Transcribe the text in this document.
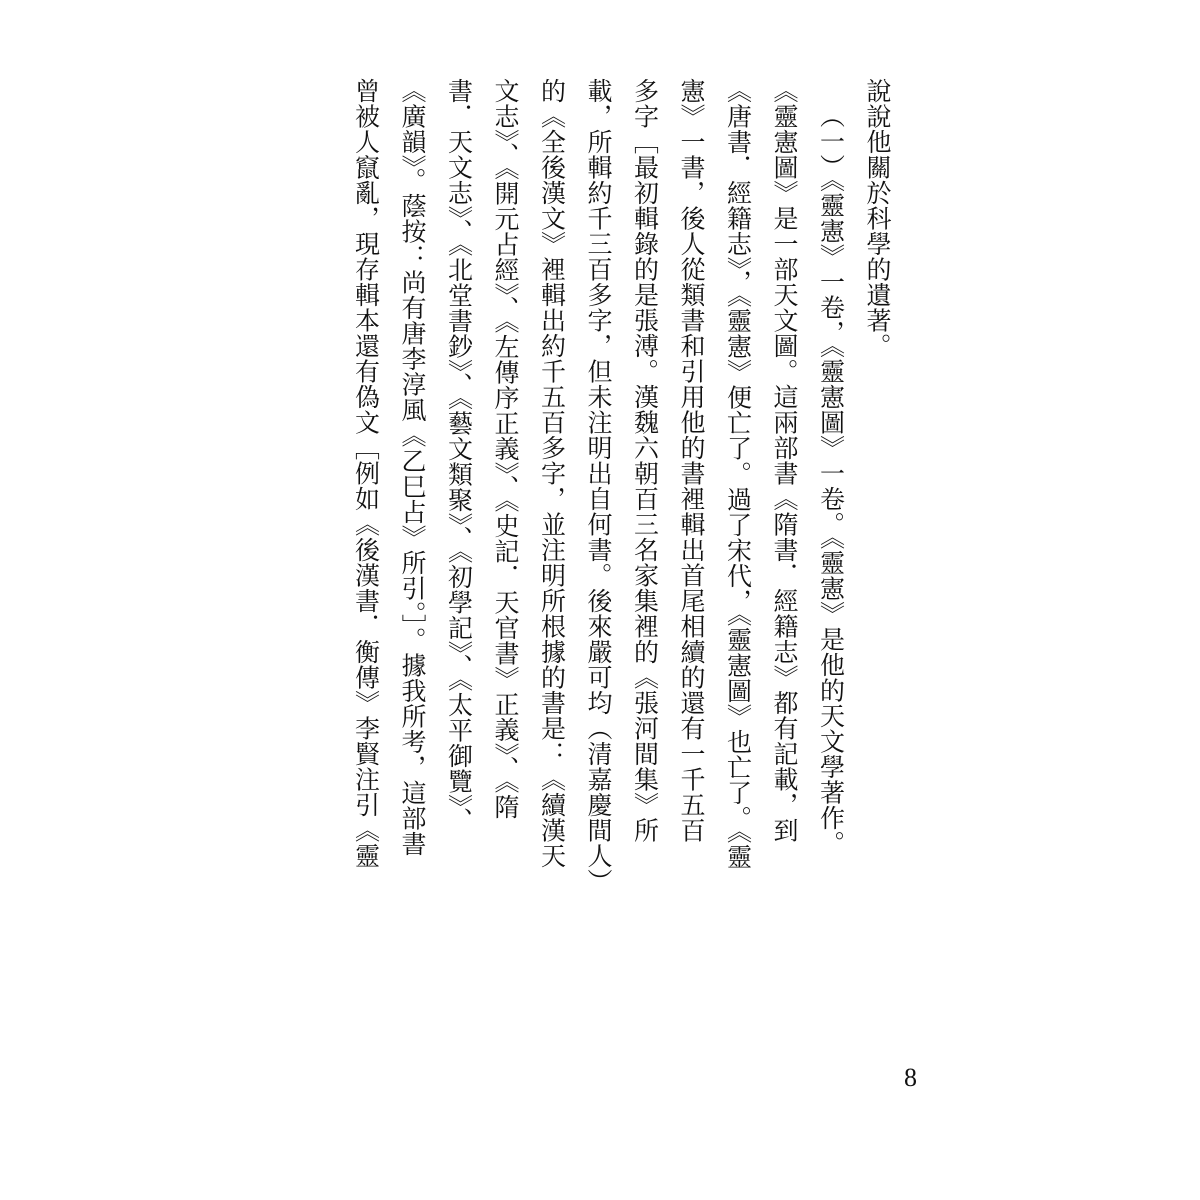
說說他關於科學的遺著。
（一）《靈憲》一卷，《靈憲圖》一卷。《靈憲》是他的天文學著作。
《靈憲圖》是一部天文圖。這兩部書《隋書．經籍志》都有記載，到
《唐書．經籍志》，《靈憲》便亡了。過了宋代，《靈憲圖》也亡了。《靈
憲》一書，後人從類書和引用他的書裡輯出首尾相續的還有一千五百
多字［最初輯錄的是張溥。漢魏六朝百三名家集裡的《張河間集》所
載，所輯約千三百多字，但未注明出自何書。後來嚴可均（清嘉慶間人）
的《全後漢文》裡輯出約千五百多字，並注明所根據的書是：《續漢天
文志》、《開元占經》、《左傳序正義》、《史記．天官書》正義》、《隋
書．天文志》、《北堂書鈔》、《藝文類聚》、《初學記》、《太平御覽》、
《廣韻》。蔭按：尚有唐李淳風《乙巳占》所引。］。據我所考，這部書
曾被人竄亂，現存輯本還有偽文［例如《後漢書．衡傳》李賢注引《靈
8
